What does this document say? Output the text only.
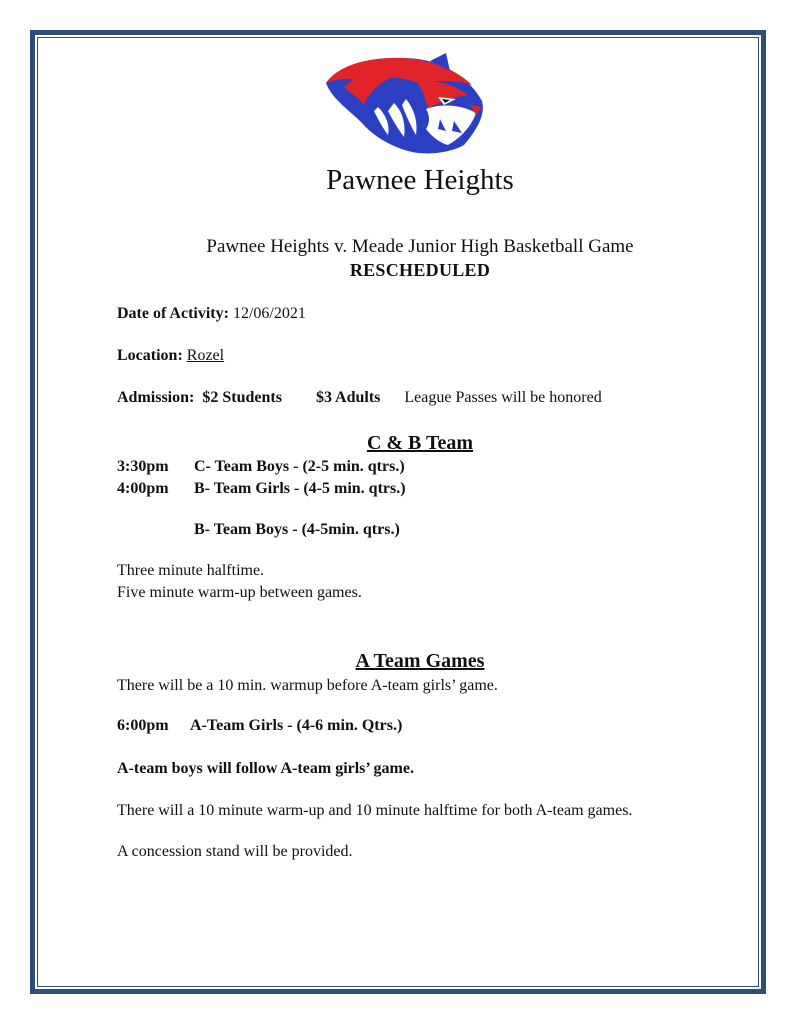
Pawnee Heights
Pawnee Heights v. Meade Junior High Basketball Game
RESCHEDULED
Date of Activity: 12/06/2021
Location: Rozel
Admission: $2 Students $3 Adults League Passes will be honored
C & B Team
3:30pm C- Team Boys - (2-5 min. qtrs.)
4:00pm B- Team Girls - (4-5 min. qtrs.)
B- Team Boys - (4-5min. qtrs.)
Three minute halftime.
Five minute warm-up between games.
A Team Games
There will be a 10 min. warmup before A-team girls’ game.
6:00pm A-Team Girls - (4-6 min. Qtrs.)
A-team boys will follow A-team girls’ game.
There will a 10 minute warm-up and 10 minute halftime for both A-team games.
A concession stand will be provided.
